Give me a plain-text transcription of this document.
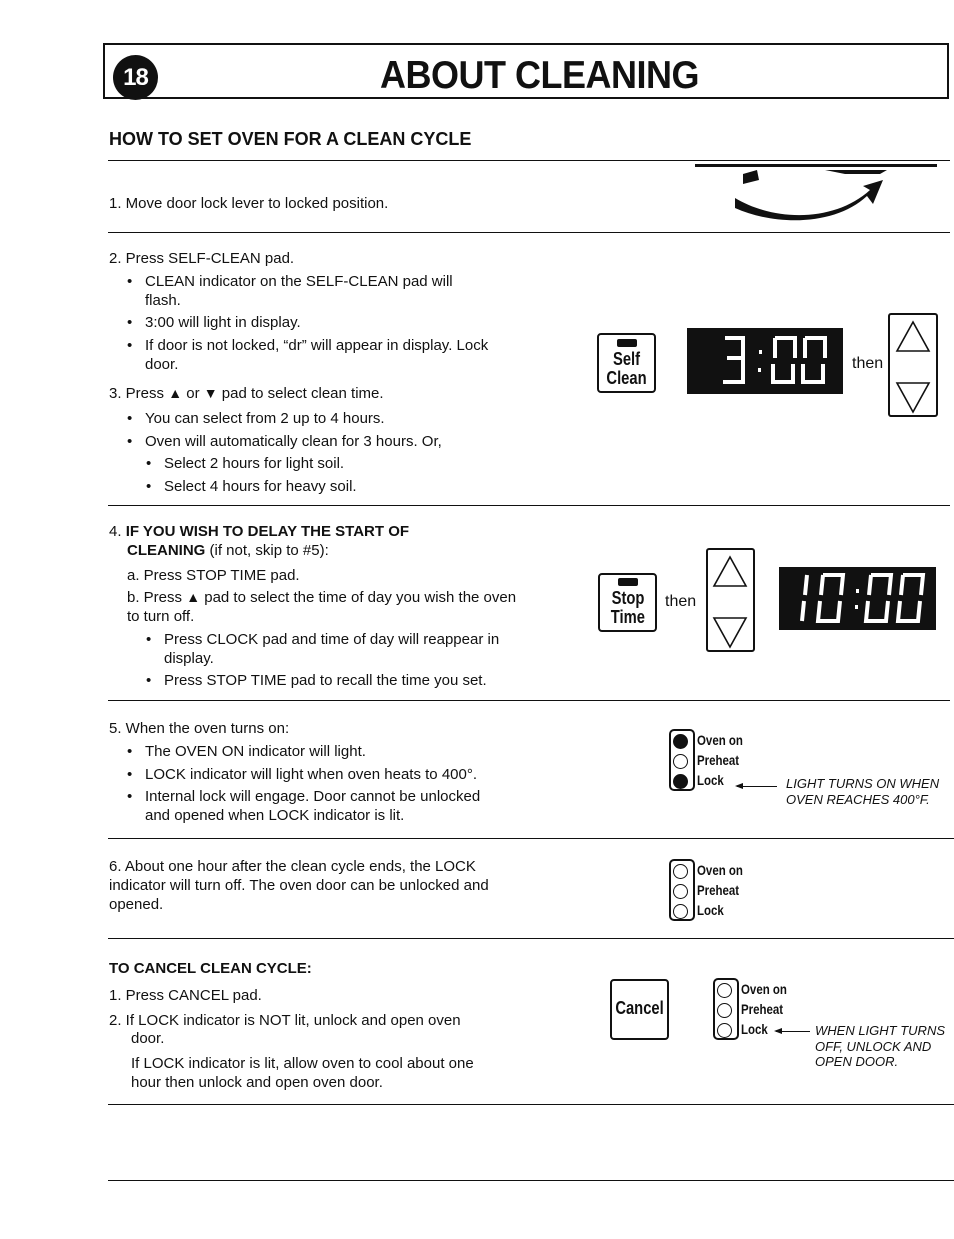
18	ABOUT CLEANING
HOW TO SET OVEN FOR A CLEAN CYCLE

1. Move door lock lever to locked position.

2. Press SELF-CLEAN pad.

• CLEAN indicator on the SELF-CLEAN pad will flash.
• 3:00 will light in display.
• If door is not locked, “dr” will appear in display. Lock door.

3. Press ▲ or ▼ pad to select clean time.

• You can select from 2 up to 4 hours.
• Oven will automatically clean for 3 hours. Or,
• Select 2 hours for light soil.
• Select 4 hours for heavy soil.
Self
Clean
then

4. IF YOU WISH TO DELAY THE START OF
CLEANING (if not, skip to #5):

a. Press STOP TIME pad.

b. Press ▲ pad to select the time of day you wish the oven to turn off.

• Press CLOCK pad and time of day will reappear in display.
• Press STOP TIME pad to recall the time you set.
Stop
Time
then

5. When the oven turns on:

• The OVEN ON indicator will light.
• LOCK indicator will light when oven heats to 400°.
• Internal lock will engage. Door cannot be unlocked and opened when LOCK indicator is lit.
Oven on
Preheat
Lock	LIGHT TURNS ON WHEN
OVEN REACHES 400°F.

6. About one hour after the clean cycle ends, the LOCK indicator will turn off. The oven door can be unlocked and opened.

Oven on
Preheat
Lock

TO CANCEL CLEAN CYCLE:

1. Press CANCEL pad.

2. If LOCK indicator is NOT lit, unlock and open oven door.

If LOCK indicator is lit, allow oven to cool about one hour then unlock and open oven door.

Cancel
Oven on
Preheat
Lock	WHEN LIGHT TURNS
OFF, UNLOCK AND
OPEN DOOR.
